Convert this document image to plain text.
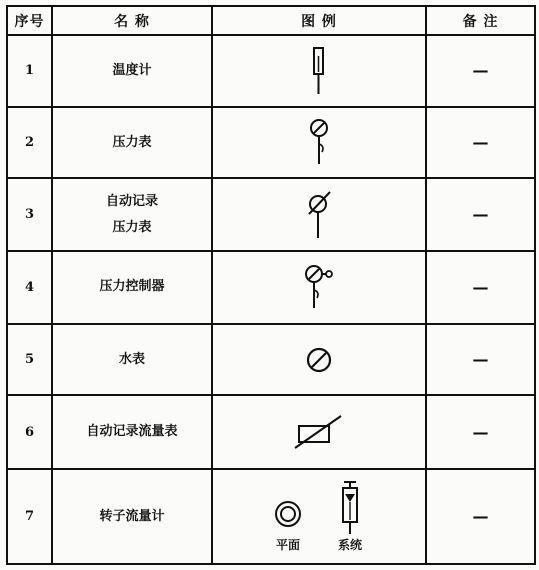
序号	名 称	图 例	备 注
1	温度计		—
2	压力表		—
3	自动记录
压力表		—
4	压力控制器		—
5	水表		—
6	自动记录流量表		—
7	转子流量计	平面 系统	—
